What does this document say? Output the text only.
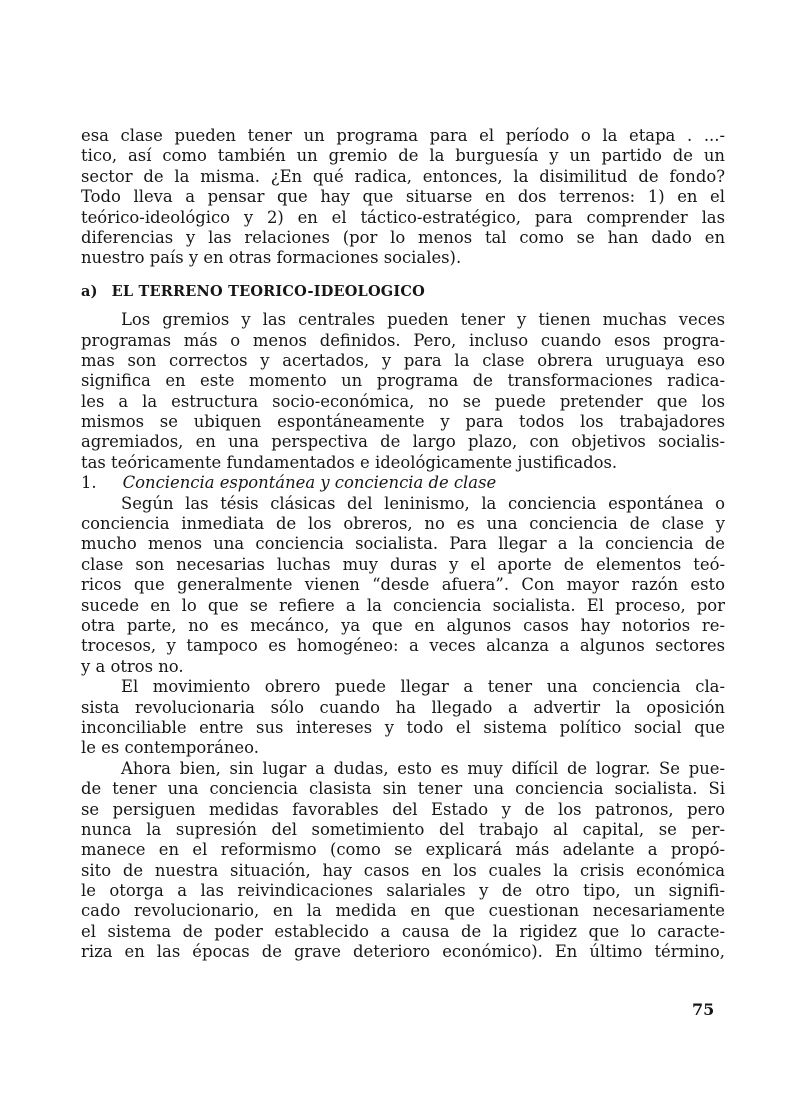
esa clase pueden tener un programa para el período o la etapa . ...-
tico, así como también un gremio de la burguesía y un partido de un
sector de la misma. ¿En qué radica, entonces, la disimilitud de fondo?
Todo lleva a pensar que hay que situarse en dos terrenos: 1) en el
teórico-ideológico y 2) en el táctico-estratégico, para comprender las
diferencias y las relaciones (por lo menos tal como se han dado en
nuestro país y en otras formaciones sociales).

a) EL TERRENO TEORICO-IDEOLOGICO

Los gremios y las centrales pueden tener y tienen muchas veces
programas más o menos definidos. Pero, incluso cuando esos progra-
mas son correctos y acertados, y para la clase obrera uruguaya eso
significa en este momento un programa de transformaciones radica-
les a la estructura socio-económica, no se puede pretender que los
mismos se ubiquen espontáneamente y para todos los trabajadores
agremiados, en una perspectiva de largo plazo, con objetivos socialis-
tas teóricamente fundamentados e ideológicamente justificados.

1. Conciencia espontánea y conciencia de clase

Según las tésis clásicas del leninismo, la conciencia espontánea o
conciencia inmediata de los obreros, no es una conciencia de clase y
mucho menos una conciencia socialista. Para llegar a la conciencia de
clase son necesarias luchas muy duras y el aporte de elementos teó-
ricos que generalmente vienen “desde afuera”. Con mayor razón esto
sucede en lo que se refiere a la conciencia socialista. El proceso, por
otra parte, no es mecánco, ya que en algunos casos hay notorios re-
trocesos, y tampoco es homogéneo: a veces alcanza a algunos sectores
y a otros no.

El movimiento obrero puede llegar a tener una conciencia cla-
sista revolucionaria sólo cuando ha llegado a advertir la oposición
inconciliable entre sus intereses y todo el sistema político social que
le es contemporáneo.

Ahora bien, sin lugar a dudas, esto es muy difícil de lograr. Se pue-
de tener una conciencia clasista sin tener una conciencia socialista. Si
se persiguen medidas favorables del Estado y de los patronos, pero
nunca la supresión del sometimiento del trabajo al capital, se per-
manece en el reformismo (como se explicará más adelante a propó-
sito de nuestra situación, hay casos en los cuales la crisis económica
le otorga a las reivindicaciones salariales y de otro tipo, un signifi-
cado revolucionario, en la medida en que cuestionan necesariamente
el sistema de poder establecido a causa de la rigidez que lo caracte-
riza en las épocas de grave deterioro económico). En último término,

75
